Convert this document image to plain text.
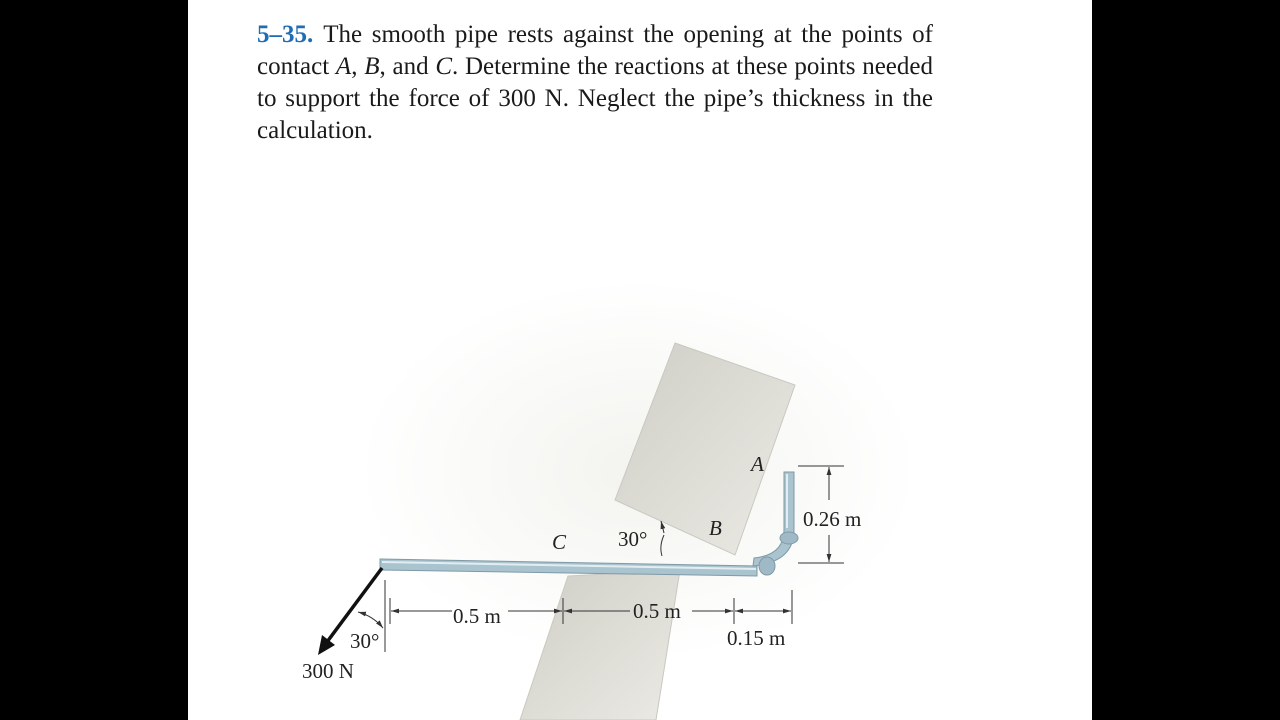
5–35. The smooth pipe rests against the opening at the points of contact A, B, and C. Determine the reactions at these points needed to support the force of 300 N. Neglect the pipe’s thickness in the calculation.

A
B
C 30°
30°
300 N
0.5 m	0.5 m
0.15 m
0.26 m
